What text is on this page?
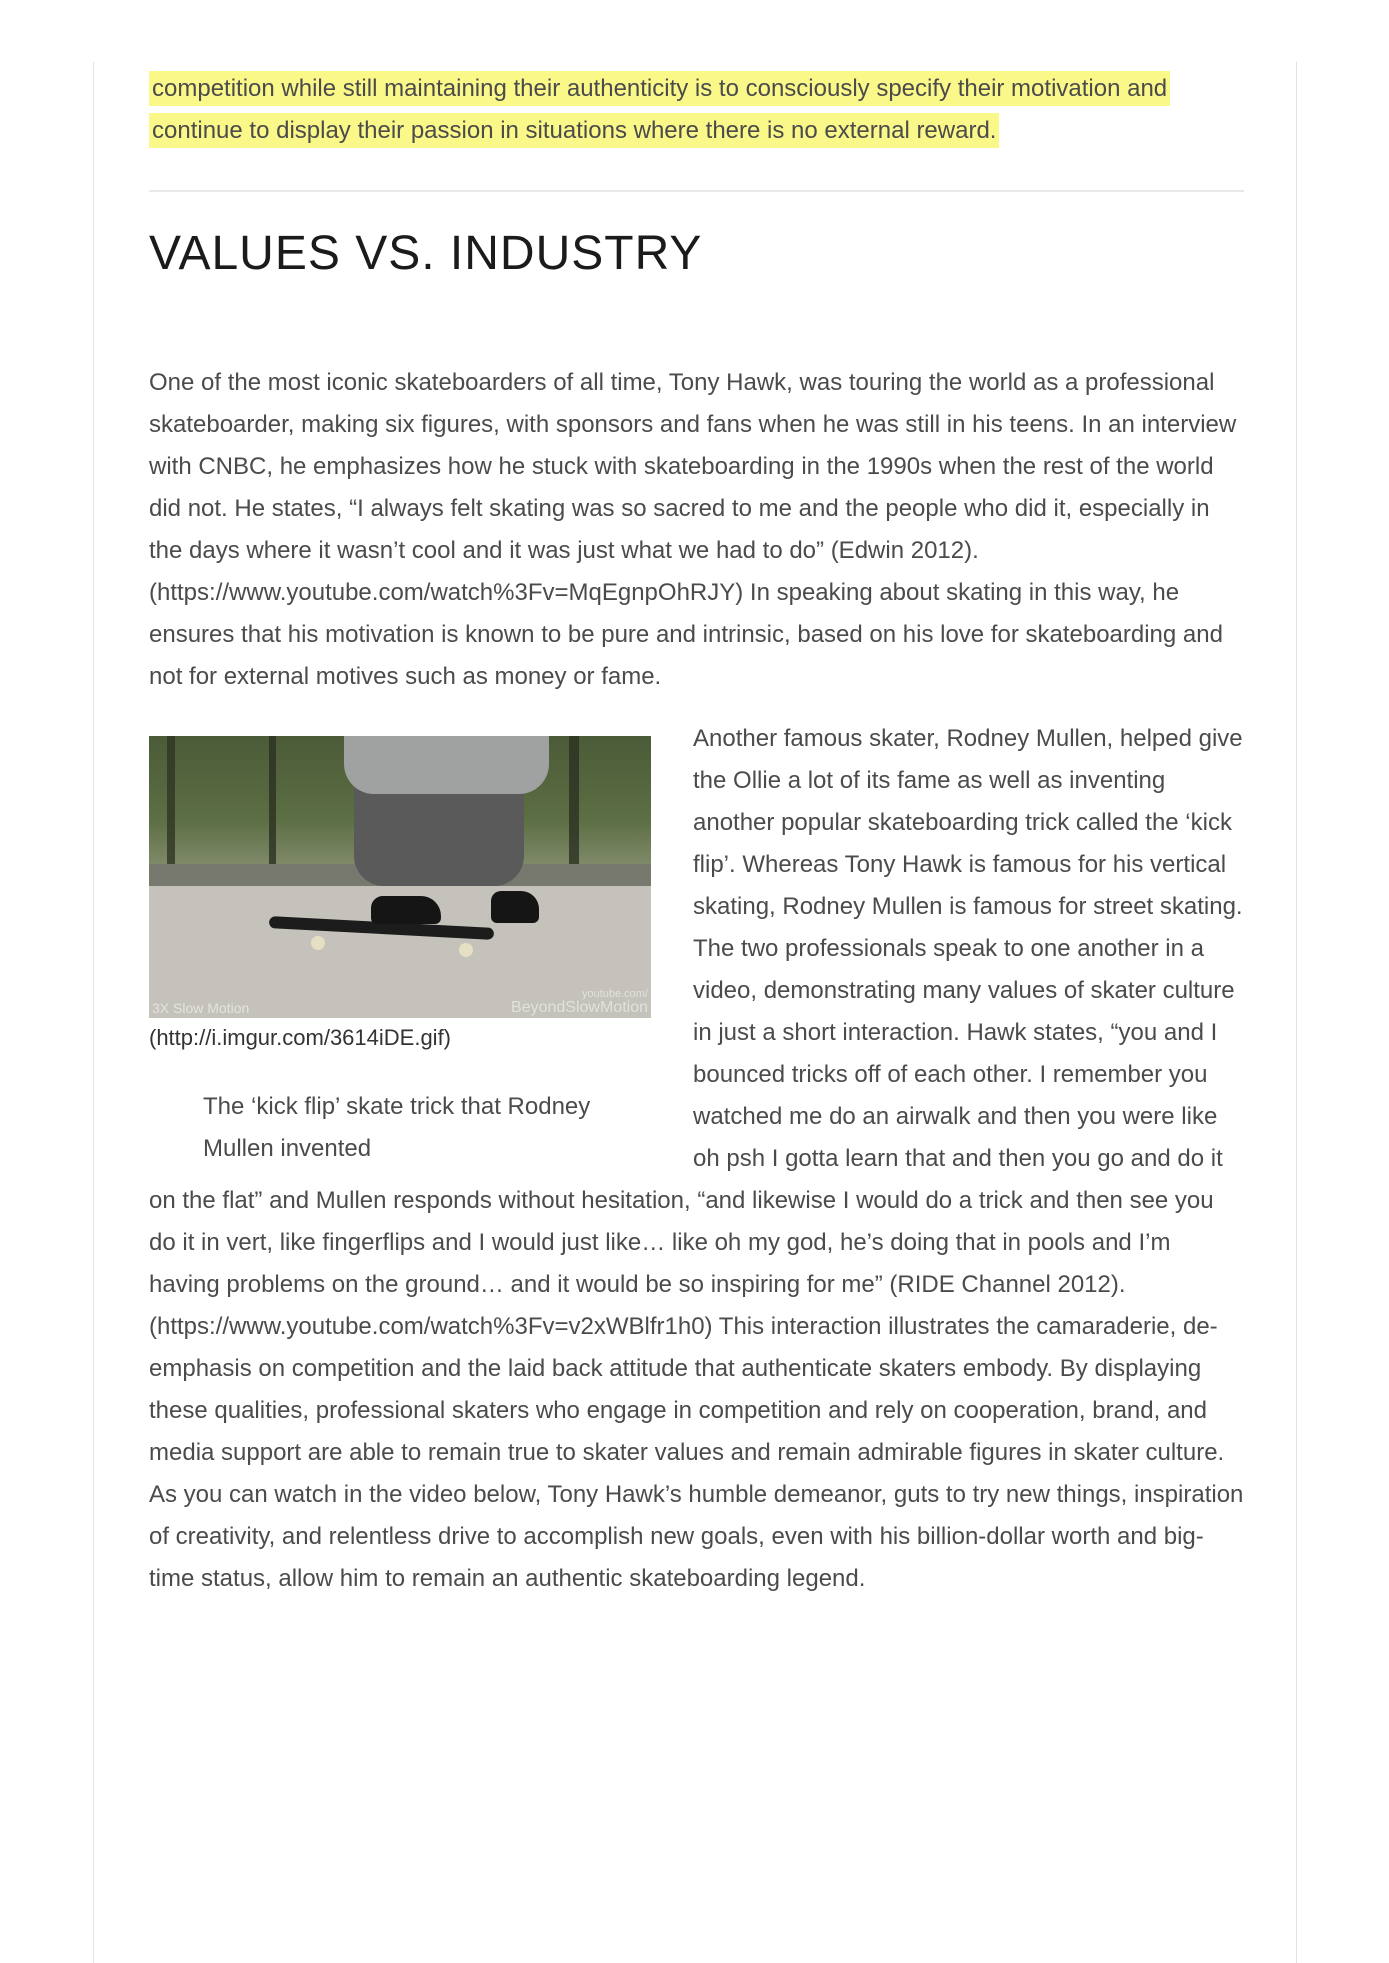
competition while still maintaining their authenticity is to consciously specify their motivation and continue to display their passion in situations where there is no external reward.

VALUES VS. INDUSTRY

One of the most iconic skateboarders of all time, Tony Hawk, was touring the world as a professional skateboarder, making six figures, with sponsors and fans when he was still in his teens. In an interview with CNBC, he emphasizes how he stuck with skateboarding in the 1990s when the rest of the world did not. He states, “I always felt skating was so sacred to me and the people who did it, especially in the days where it wasn’t cool and it was just what we had to do” (Edwin 2012). (https://www.youtube.com/watch%3Fv=MqEgnpOhRJY) In speaking about skating in this way, he ensures that his motivation is known to be pure and intrinsic, based on his love for skateboarding and not for external motives such as money or fame.

3X Slow Motion
youtube.com/
BeyondSlowMotion
(http://i.imgur.com/3614iDE.gif)
The ‘kick flip’ skate trick that Rodney Mullen invented

Another famous skater, Rodney Mullen, helped give the Ollie a lot of its fame as well as inventing another popular skateboarding trick called the ‘kick flip’. Whereas Tony Hawk is famous for his vertical skating, Rodney Mullen is famous for street skating. The two professionals speak to one another in a video, demonstrating many values of skater culture in just a short interaction. Hawk states, “you and I bounced tricks off of each other. I remember you watched me do an airwalk and then you were like oh psh I gotta learn that and then you go and do it on the flat” and Mullen responds without hesitation, “and likewise I would do a trick and then see you do it in vert, like fingerflips and I would just like… like oh my god, he’s doing that in pools and I’m having problems on the ground… and it would be so inspiring for me” (RIDE Channel 2012). (https://www.youtube.com/watch%3Fv=v2xWBlfr1h0) This interaction illustrates the camaraderie, de-emphasis on competition and the laid back attitude that authenticate skaters embody. By displaying these qualities, professional skaters who engage in competition and rely on cooperation, brand, and media support are able to remain true to skater values and remain admirable figures in skater culture. As you can watch in the video below, Tony Hawk’s humble demeanor, guts to try new things, inspiration of creativity, and relentless drive to accomplish new goals, even with his billion-dollar worth and big-time status, allow him to remain an authentic skateboarding legend.
